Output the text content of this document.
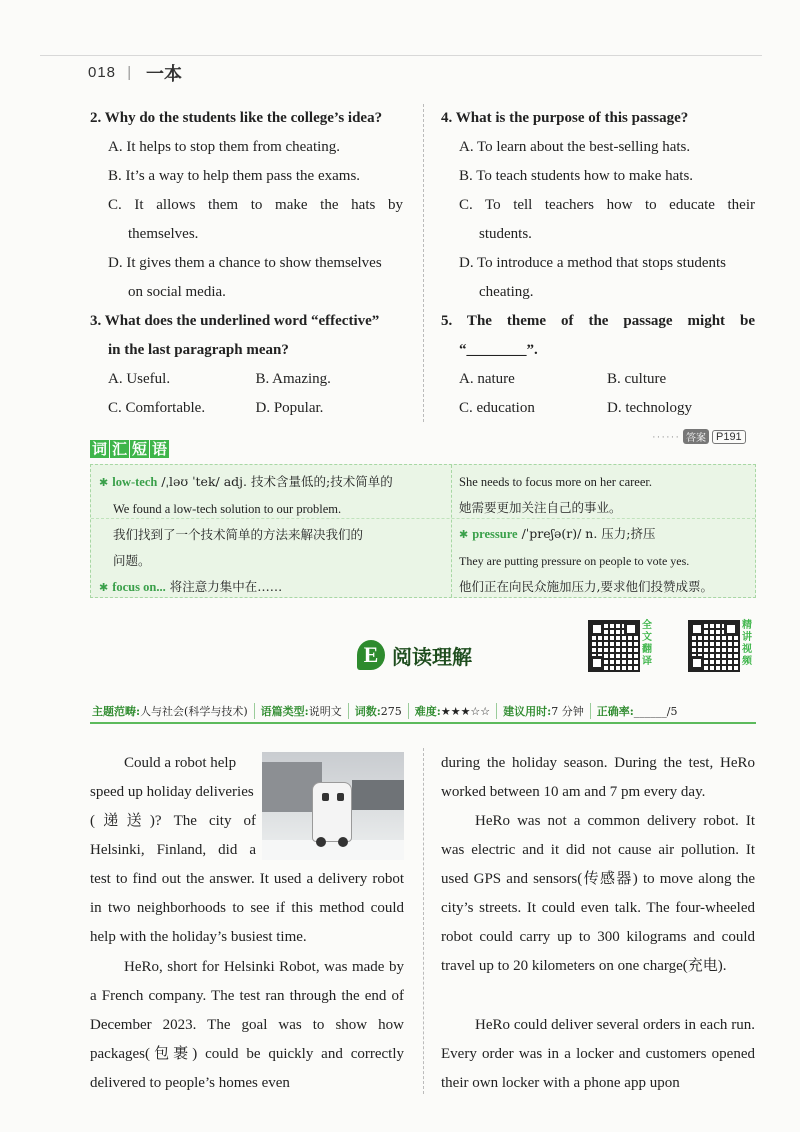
018 | 一本
2. Why do the students like the college’s idea?
A. It helps to stop them from cheating.
B. It’s a way to help them pass the exams.
C. It allows them to make the hats by
themselves.
D. It gives them a chance to show themselves
on social media.
3. What does the underlined word “effective”
in the last paragraph mean?
A. Useful.	B. Amazing.
C. Comfortable.	D. Popular.
4. What is the purpose of this passage?
A. To learn about the best-selling hats.
B. To teach students how to make hats.
C. To tell teachers how to educate their
students.
D. To introduce a method that stops students
cheating.
5. The theme of the passage might be
“________”.
A. nature	B. culture
C. education	D. technology
······ 答案 P191
词 汇 短 语
✱ low-tech /ˌləʊ ˈtek/ adj. 技术含量低的;技术简单的
We found a low-tech solution to our problem.
我们找到了一个技术简单的方法来解决我们的
问题。
✱ focus on... 将注意力集中在……
She needs to focus more on her career.
她需要更加关注自己的事业。
✱ pressure /ˈpreʃə(r)/ n. 压力;挤压
They are putting pressure on people to vote yes.
他们正在向民众施加压力,要求他们投赞成票。
E 阅读理解
全
文
翻
译
精
讲
视
频
主题范畴:人与社会(科学与技术)	语篇类型:说明文	词数:275	难度:★★★☆☆	建议用时:7 分钟	正确率:______/5
Could a robot help
speed up holiday deliveries
(递送)? The city of
Helsinki, Finland, did a
test to find out the answer. It used a delivery robot in two neighborhoods to see if this method could help with the holiday’s busiest time.
HeRo, short for Helsinki Robot, was made by a French company. The test ran through the end of December 2023. The goal was to show how packages(包裹) could be quickly and correctly delivered to people’s homes even
during the holiday season. During the test, HeRo worked between 10 am and 7 pm every day.
HeRo was not a common delivery robot. It was electric and it did not cause air pollution. It used GPS and sensors(传感器) to move along the city’s streets. It could even talk. The four-wheeled robot could carry up to 300 kilograms and could travel up to 20 kilometers on one charge(充电).
HeRo could deliver several orders in each run. Every order was in a locker and customers opened their own locker with a phone app upon
